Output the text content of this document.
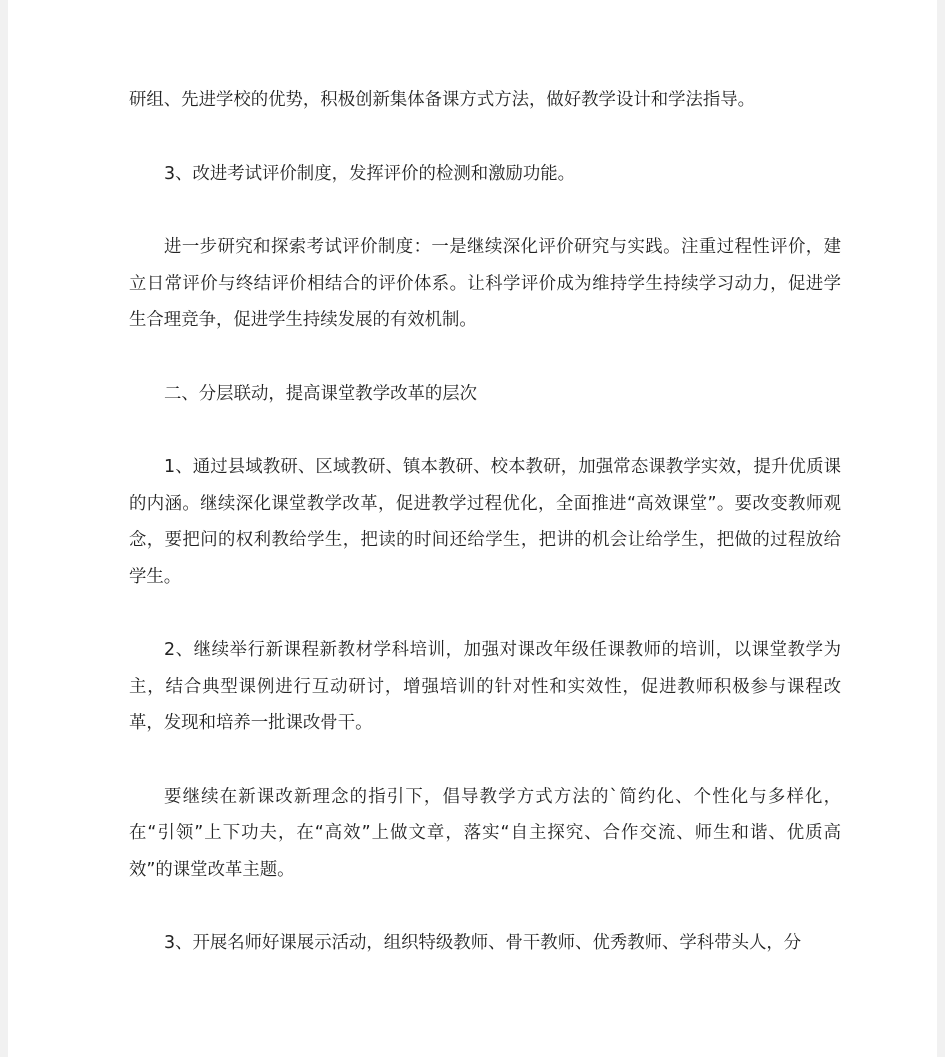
研组、先进学校的优势，积极创新集体备课方式方法，做好教学设计和学法指导。

3、改进考试评价制度，发挥评价的检测和激励功能。

进一步研究和探索考试评价制度：一是继续深化评价研究与实践。注重过程性评价，建立日常评价与终结评价相结合的评价体系。让科学评价成为维持学生持续学习动力，促进学生合理竞争，促进学生持续发展的有效机制。

二、分层联动，提高课堂教学改革的层次

1、通过县域教研、区域教研、镇本教研、校本教研，加强常态课教学实效，提升优质课的内涵。继续深化课堂教学改革，促进教学过程优化，全面推进“高效课堂”。要改变教师观念，要把问的权利教给学生，把读的时间还给学生，把讲的机会让给学生，把做的过程放给学生。

2、继续举行新课程新教材学科培训，加强对课改年级任课教师的培训，以课堂教学为主，结合典型课例进行互动研讨，增强培训的针对性和实效性，促进教师积极参与课程改革，发现和培养一批课改骨干。

要继续在新课改新理念的指引下，倡导教学方式方法的`简约化、个性化与多样化，在“引领”上下功夫，在“高效”上做文章，落实“自主探究、合作交流、师生和谐、优质高效”的课堂改革主题。

3、开展名师好课展示活动，组织特级教师、骨干教师、优秀教师、学科带头人，分
